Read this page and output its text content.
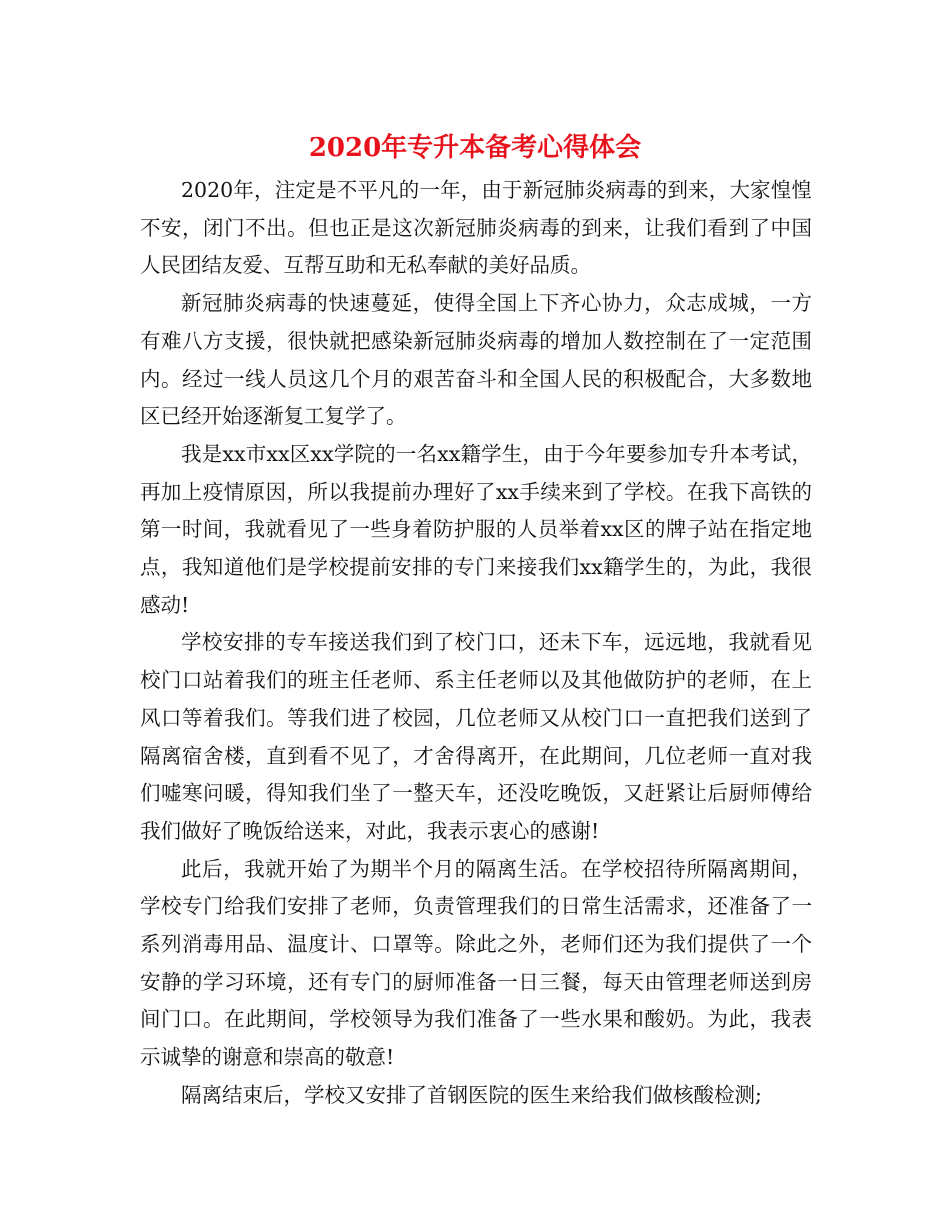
2020年专升本备考心得体会

2020年，注定是不平凡的一年，由于新冠肺炎病毒的到来，大家惶惶不安，闭门不出。但也正是这次新冠肺炎病毒的到来，让我们看到了中国人民团结友爱、互帮互助和无私奉献的美好品质。

新冠肺炎病毒的快速蔓延，使得全国上下齐心协力，众志成城，一方有难八方支援，很快就把感染新冠肺炎病毒的增加人数控制在了一定范围内。经过一线人员这几个月的艰苦奋斗和全国人民的积极配合，大多数地区已经开始逐渐复工复学了。

我是xx市xx区xx学院的一名xx籍学生，由于今年要参加专升本考试，再加上疫情原因，所以我提前办理好了xx手续来到了学校。在我下高铁的第一时间，我就看见了一些身着防护服的人员举着xx区的牌子站在指定地点，我知道他们是学校提前安排的专门来接我们xx籍学生的，为此，我很感动!

学校安排的专车接送我们到了校门口，还未下车，远远地，我就看见校门口站着我们的班主任老师、系主任老师以及其他做防护的老师，在上风口等着我们。等我们进了校园，几位老师又从校门口一直把我们送到了隔离宿舍楼，直到看不见了，才舍得离开，在此期间，几位老师一直对我们嘘寒问暖，得知我们坐了一整天车，还没吃晚饭，又赶紧让后厨师傅给我们做好了晚饭给送来，对此，我表示衷心的感谢!

此后，我就开始了为期半个月的隔离生活。在学校招待所隔离期间，学校专门给我们安排了老师，负责管理我们的日常生活需求，还准备了一系列消毒用品、温度计、口罩等。除此之外，老师们还为我们提供了一个安静的学习环境，还有专门的厨师准备一日三餐，每天由管理老师送到房间门口。在此期间，学校领导为我们准备了一些水果和酸奶。为此，我表示诚挚的谢意和崇高的敬意!

隔离结束后，学校又安排了首钢医院的医生来给我们做核酸检测;
